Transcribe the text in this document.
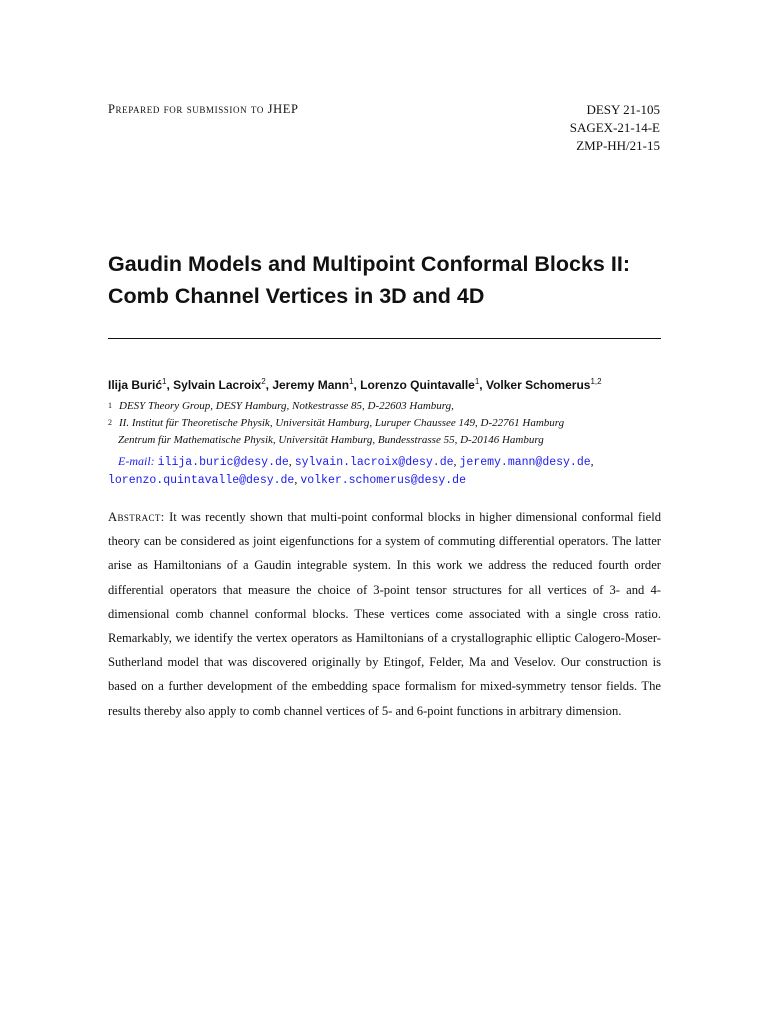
Prepared for submission to JHEP	DESY 21-105
SAGEX-21-14-E
ZMP-HH/21-15
Gaudin Models and Multipoint Conformal Blocks II:
Comb Channel Vertices in 3D and 4D
Ilija Burić$^1$, Sylvain Lacroix$^2$, Jeremy Mann$^1$, Lorenzo Quintavalle$^1$, Volker Schomerus$^{1,2}$
1 DESY Theory Group, DESY Hamburg, Notkestrasse 85, D-22603 Hamburg,
2 II. Institut für Theoretische Physik, Universität Hamburg, Luruper Chaussee 149, D-22761 Hamburg
Zentrum für Mathematische Physik, Universität Hamburg, Bundesstrasse 55, D-20146 Hamburg
E-mail: ilija.buric@desy.de, sylvain.lacroix@desy.de, jeremy.mann@desy.de,
lorenzo.quintavalle@desy.de, volker.schomerus@desy.de
Abstract: It was recently shown that multi-point conformal blocks in higher dimensional conformal field theory can be considered as joint eigenfunctions for a system of commuting differential operators. The latter arise as Hamiltonians of a Gaudin integrable system. In this work we address the reduced fourth order differential operators that measure the choice of 3-point tensor structures for all vertices of 3- and 4-dimensional comb channel conformal blocks. These vertices come associated with a single cross ratio. Remarkably, we identify the vertex operators as Hamiltonians of a crystallographic elliptic Calogero-Moser-Sutherland model that was discovered originally by Etingof, Felder, Ma and Veselov. Our construction is based on a further development of the embedding space formalism for mixed-symmetry tensor fields. The results thereby also apply to comb channel vertices of 5- and 6-point functions in arbitrary dimension.
